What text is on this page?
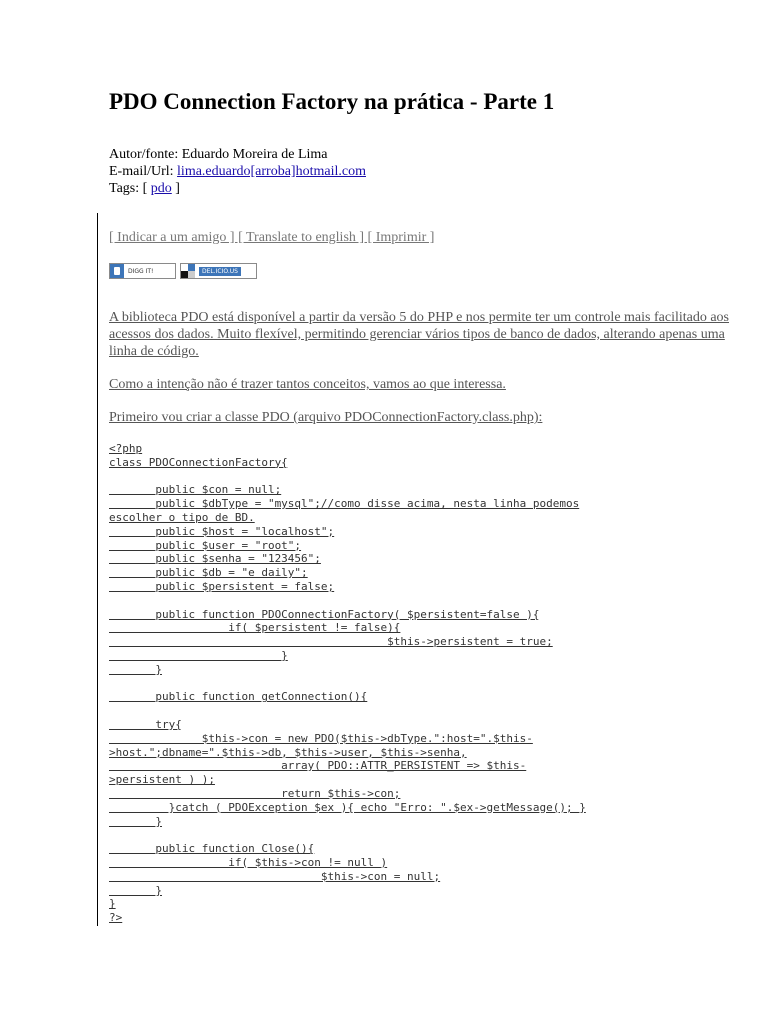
PDO Connection Factory na prática - Parte 1
Autor/fonte: Eduardo Moreira de Lima
E-mail/Url: lima.eduardo[arroba]hotmail.com
Tags: [ pdo ]
[ Indicar a um amigo ] [ Translate to english ] [ Imprimir ]
DIGG IT!	DEL.ICIO.US

A biblioteca PDO está disponível a partir da versão 5 do PHP e nos permite ter um controle mais facilitado aos acessos dos dados. Muito flexível, permitindo gerenciar vários tipos de banco de dados, alterando apenas uma linha de código.

Como a intenção não é trazer tantos conceitos, vamos ao que interessa.

Primeiro vou criar a classe PDO (arquivo PDOConnectionFactory.class.php):

<?php
class PDOConnectionFactory{

public $con = null;
public $dbType = "mysql";//como disse acima, nesta linha podemos
escolher o tipo de BD.
public $host = "localhost";
public $user = "root";
public $senha = "123456";
public $db = "e daily";
public $persistent = false;

public function PDOConnectionFactory( $persistent=false ){
if( $persistent != false){
$this->persistent = true;
}
}

public function getConnection(){

try{
$this->con = new PDO($this->dbType.":host=".$this-
>host.";dbname=".$this->db, $this->user, $this->senha,
array( PDO::ATTR_PERSISTENT => $this-
>persistent ) );
return $this->con;
}catch ( PDOException $ex ){ echo "Erro: ".$ex->getMessage(); }
}

public function Close(){
if( $this->con != null )
$this->con = null;
}
}
?>
